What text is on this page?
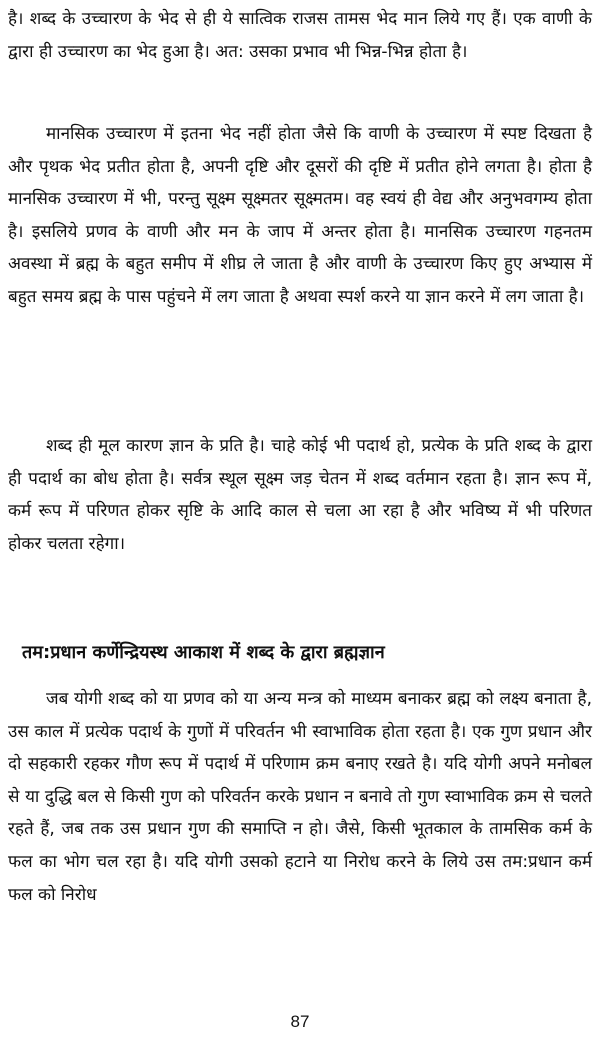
है। शब्द के उच्चारण के भेद से ही ये सात्विक राजस तामस भेद मान लिये गए हैं। एक वाणी के द्वारा ही उच्चारण का भेद हुआ है। अत: उसका प्रभाव भी भिन्न-भिन्न होता है।

मानसिक उच्चारण में इतना भेद नहीं होता जैसे कि वाणी के उच्चारण में स्पष्ट दिखता है और पृथक भेद प्रतीत होता है, अपनी दृष्टि और दूसरों की दृष्टि में प्रतीत होने लगता है। होता है मानसिक उच्चारण में भी, परन्तु सूक्ष्म सूक्ष्मतर सूक्ष्मतम। वह स्वयं ही वेद्य और अनुभवगम्य होता है। इसलिये प्रणव के वाणी और मन के जाप में अन्तर होता है। मानसिक उच्चारण गहनतम अवस्था में ब्रह्म के बहुत समीप में शीघ्र ले जाता है और वाणी के उच्चारण किए हुए अभ्यास में बहुत समय ब्रह्म के पास पहुंचने में लग जाता है अथवा स्पर्श करने या ज्ञान करने में लग जाता है।

शब्द ही मूल कारण ज्ञान के प्रति है। चाहे कोई भी पदार्थ हो, प्रत्येक के प्रति शब्द के द्वारा ही पदार्थ का बोध होता है। सर्वत्र स्थूल सूक्ष्म जड़ चेतन में शब्द वर्तमान रहता है। ज्ञान रूप में, कर्म रूप में परिणत होकर सृष्टि के आदि काल से चला आ रहा है और भविष्य में भी परिणत होकर चलता रहेगा।

तम:प्रधान कर्णेन्द्रियस्थ आकाश में शब्द के द्वारा ब्रह्मज्ञान

जब योगी शब्द को या प्रणव को या अन्य मन्त्र को माध्यम बनाकर ब्रह्म को लक्ष्य बनाता है, उस काल में प्रत्येक पदार्थ के गुणों में परिवर्तन भी स्वाभाविक होता रहता है। एक गुण प्रधान और दो सहकारी रहकर गौण रूप में पदार्थ में परिणाम क्रम बनाए रखते है। यदि योगी अपने मनोबल से या दुद्धि बल से किसी गुण को परिवर्तन करके प्रधान न बनावे तो गुण स्वाभाविक क्रम से चलते रहते हैं, जब तक उस प्रधान गुण की समाप्ति न हो। जैसे, किसी भूतकाल के तामसिक कर्म के फल का भोग चल रहा है। यदि योगी उसको हटाने या निरोध करने के लिये उस तम:प्रधान कर्म फल को निरोध

87
